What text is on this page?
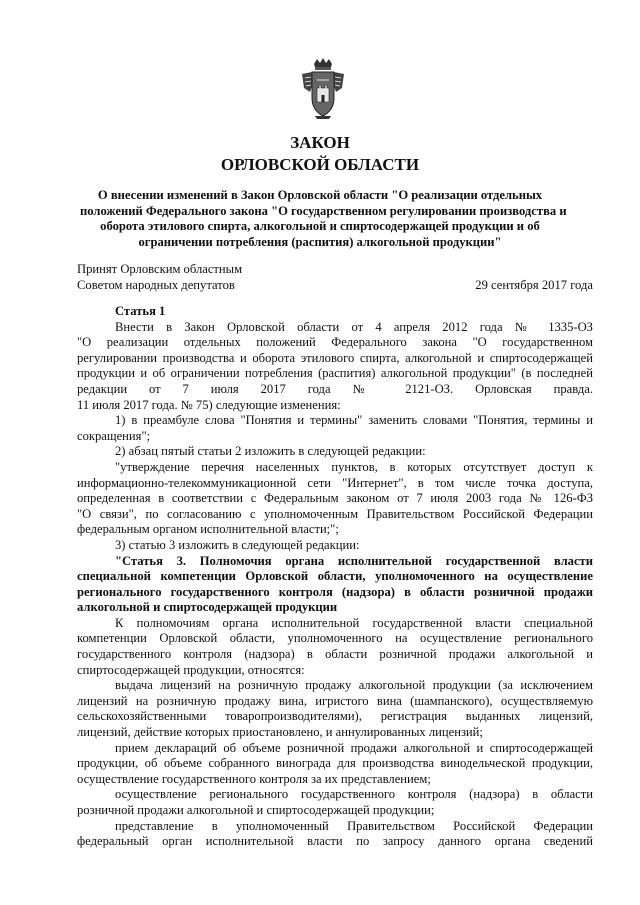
ЗАКОН
ОРЛОВСКОЙ ОБЛАСТИ
О внесении изменений в Закон Орловской области "О реализации отдельных
положений Федерального закона "О государственном регулировании производства и
оборота этилового спирта, алкогольной и спиртосодержащей продукции и об
ограничении потребления (распития) алкогольной продукции"
Принят Орловским областным
Советом народных депутатов	29 сентября 2017 года
Статья 1
Внести в Закон Орловской области от 4 апреля 2012 года № 1335-ОЗ
"О реализации отдельных положений Федерального закона "О государственном
регулировании производства и оборота этилового спирта, алкогольной и спиртосодержащей
продукции и об ограничении потребления (распития) алкогольной продукции" (в последней
редакции от 7 июля 2017 года № 2121-ОЗ. Орловская правда.
11 июля 2017 года. № 75) следующие изменения:
1) в преамбуле слова "Понятия и термины" заменить словами "Понятия, термины и
сокращения";
2) абзац пятый статьи 2 изложить в следующей редакции:
"утверждение перечня населенных пунктов, в которых отсутствует доступ к
информационно-телекоммуникационной сети "Интернет", в том числе точка доступа,
определенная в соответствии с Федеральным законом от 7 июля 2003 года № 126-ФЗ
"О связи", по согласованию с уполномоченным Правительством Российской Федерации
федеральным органом исполнительной власти;";
3) статью 3 изложить в следующей редакции:
"Статья 3. Полномочия органа исполнительной государственной власти
специальной компетенции Орловской области, уполномоченного на осуществление
регионального государственного контроля (надзора) в области розничной продажи
алкогольной и спиртосодержащей продукции
К полномочиям органа исполнительной государственной власти специальной
компетенции Орловской области, уполномоченного на осуществление регионального
государственного контроля (надзора) в области розничной продажи алкогольной и
спиртосодержащей продукции, относятся:
выдача лицензий на розничную продажу алкогольной продукции (за исключением
лицензий на розничную продажу вина, игристого вина (шампанского), осуществляемую
сельскохозяйственными товаропроизводителями), регистрация выданных лицензий,
лицензий, действие которых приостановлено, и аннулированных лицензий;
прием деклараций об объеме розничной продажи алкогольной и спиртосодержащей
продукции, об объеме собранного винограда для производства винодельческой продукции,
осуществление государственного контроля за их представлением;
осуществление регионального государственного контроля (надзора) в области
розничной продажи алкогольной и спиртосодержащей продукции;
представление в уполномоченный Правительством Российской Федерации
федеральный орган исполнительной власти по запросу данного органа сведений
